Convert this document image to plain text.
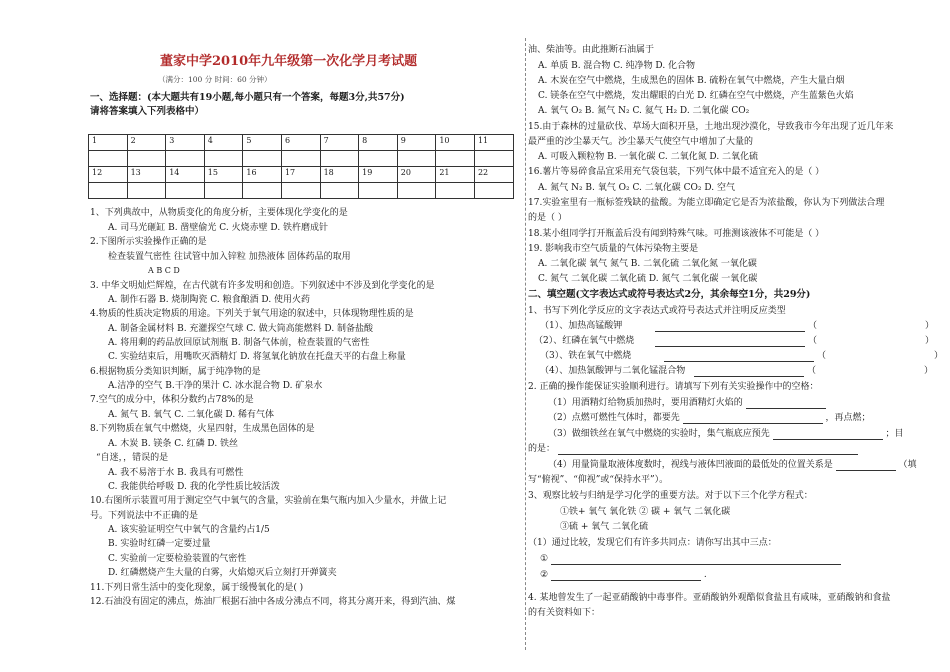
董家中学2010年九年级第一次化学月考试题
（满分：100 分 时间：60 分钟）
一、选择题：(本大题共有19小题,每小题只有一个答案，每题3分,共57分)
请将答案填入下列表格中）
1	2	3	4	5	6	7	8	9	10	11

12	13	14	15	16	17	18	19	20	21	22

1、下列典故中，从物质变化的角度分析，主要体现化学变化的是
A. 司马光砸缸 B. 凿壁偷光 C. 火烧赤壁 D. 铁杵磨成针
2.下图所示实验操作正确的是
检查装置气密性 往试管中加入锌粒 加热液体 固体药品的取用
A B C D
3. 中华文明灿烂辉煌，在古代就有许多发明和创造。下列叙述中不涉及到化学变化的是
A. 制作石器 B. 烧制陶瓷 C. 粮食酿酒 D. 使用火药
4.物质的性质决定物质的用途。下列关于氧气用途的叙述中，只体现物理性质的是
A. 制备金属材料 B. 充灌探空气球 C. 做大筒高能燃料 D. 制备盐酸
A. 将用剩的药品放回原试剂瓶 B. 制备气体前，检查装置的气密性
C. 实验结束后，用嘴吹灭酒精灯 D. 将氢氧化钠放在托盘天平的右盘上称量
6.根据物质分类知识判断，属于纯净物的是
A.洁净的空气 B.干净的果汁 C. 冰水混合物 D. 矿泉水
7.空气的成分中，体积分数约占78%的是
A. 氮气 B. 氧气 C. 二氧化碳 D. 稀有气体
8.下列物质在氧气中燃烧，火星四射，生成黑色固体的是
A. 木炭 B. 镁条 C. 红磷 D. 铁丝
“自迷，，错误的是
A. 我不易溶于水 B. 我具有可燃性
C. 我能供给呼吸 D. 我的化学性质比较活泼
10.右图所示装置可用于测定空气中氧气的含量，实验前在集气瓶内加入少量水，并做上记
号。下列说法中不正确的是
A. 该实验证明空气中氧气的含量约占1/5
B. 实验时红磷一定要过量
C. 实验前一定要检验装置的气密性
D. 红磷燃烧产生大量的白雾，火焰熄灭后立刻打开弹簧夹
11.下列日常生活中的变化现象，属于缓慢氧化的是( )
12.石油没有固定的沸点，炼油厂根据石油中各成分沸点不同，将其分离开来，得到汽油、煤
油、柴油等。由此推断石油属于
A. 单质 B. 混合物 C. 纯净物 D. 化合物
A. 木炭在空气中燃烧，生成黑色的固体 B. 硫粉在氧气中燃烧，产生大量白烟
C. 镁条在空气中燃烧，发出耀眼的白光 D. 红磷在空气中燃烧，产生蓝紫色火焰
A. 氧气 O₂ B. 氮气 N₂ C. 氦气 H₂ D. 二氧化碳 CO₂
15.由于森林的过量砍伐、草场大面积开垦，土地出现沙漠化，导致我市今年出现了近几年来
最严重的沙尘暴天气。沙尘暴天气使空气中增加了大量的
A. 可吸入颗粒物 B. 一氧化碳 C. 二氧化氮 D. 二氧化硫
16.薯片等易碎食品宜采用充气袋包装，下列气体中最不适宜充入的是（ ）
A. 氮气 N₂ B. 氧气 O₂ C. 二氧化碳 CO₂ D. 空气
17.实验室里有一瓶标签残缺的盐酸。为能立即确定它是否为浓盐酸，你认为下列做法合理
的是（ ）
18.某小组同学打开瓶盖后没有闻到特殊气味。可推测该液体不可能是（ ）
19. 影响我市空气质量的气体污染物主要是
A. 二氧化碳 氧气 氮气 B. 二氧化硫 二氧化氮 一氧化碳
C. 氮气 二氧化碳 二氧化硫 D. 氮气 二氧化碳 一氧化碳
二、填空题(文字表达式或符号表达式2分，其余每空1分，共29分)
1、书写下列化学反应的文字表达式或符号表达式并注明反应类型
（1）、加热高锰酸钾	（　　　　　　　　　　　　）
（2）、红磷在氧气中燃烧	（　　　　　　　　　　　　）
（3）、铁在氧气中燃烧	（　　　　　　　　　　　　）
（4）、加热氯酸钾与二氧化锰混合物	（　　　　　　　　　　　　）
2. 正确的操作能保证实验顺利进行。请填写下列有关实验操作中的空格：
（1）用酒精灯给物质加热时，要用酒精灯火焰的
（2）点燃可燃性气体时，都要先	，再点燃；
（3）做细铁丝在氧气中燃烧的实验时，集气瓶底应预先	；目
的是：
（4）用量筒量取液体度数时，视线与液体凹液面的最低处的位置关系是	（填
写“俯视”、“仰视”或“保持水平”）。
3、观察比较与归纳是学习化学的重要方法。对于以下三个化学方程式：
①铁+ 氧气 氧化铁 ② 碳 + 氧气 二氧化碳
③硫 + 氧气 二氧化硫
（1）通过比较，发现它们有许多共同点：请你写出其中三点：
①
②	.
4. 某地曾发生了一起亚硝酸钠中毒事件。亚硝酸钠外观酷似食盐且有咸味，亚硝酸钠和食盐
的有关资料如下：
